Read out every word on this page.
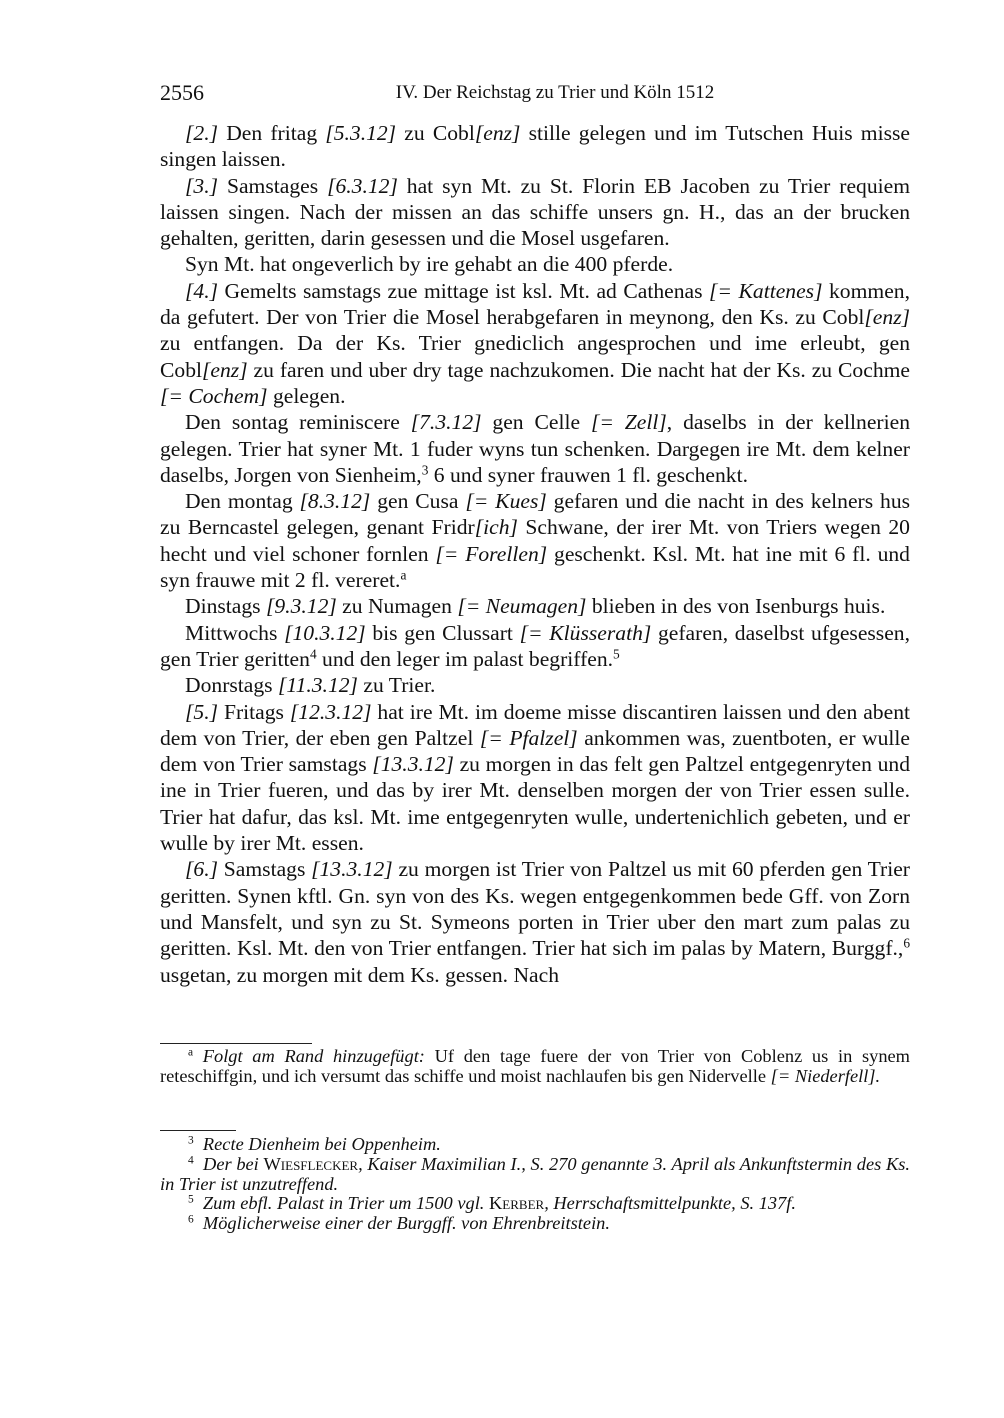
2556	IV. Der Reichstag zu Trier und Köln 1512

[2.] Den fritag [5.3.12] zu Cobl[enz] stille gelegen und im Tutschen Huis misse singen laissen.

[3.] Samstages [6.3.12] hat syn Mt. zu St. Florin EB Jacoben zu Trier requiem laissen singen. Nach der missen an das schiffe unsers gn. H., das an der brucken gehalten, geritten, darin gesessen und die Mosel usgefaren.

Syn Mt. hat ongeverlich by ire gehabt an die 400 pferde.

[4.] Gemelts samstags zue mittage ist ksl. Mt. ad Cathenas [= Kattenes] kommen, da gefutert. Der von Trier die Mosel herabgefaren in meynong, den Ks. zu Cobl[enz] zu entfangen. Da der Ks. Trier gnediclich angesprochen und ime erleubt, gen Cobl[enz] zu faren und uber dry tage nachzukomen. Die nacht hat der Ks. zu Cochme [= Cochem] gelegen.

Den sontag reminiscere [7.3.12] gen Celle [= Zell], daselbs in der kellnerien gelegen. Trier hat syner Mt. 1 fuder wyns tun schenken. Dargegen ire Mt. dem kelner daselbs, Jorgen von Sienheim,$^3$ 6 und syner frauwen 1 fl. geschenkt.

Den montag [8.3.12] gen Cusa [= Kues] gefaren und die nacht in des kelners hus zu Berncastel gelegen, genant Fridr[ich] Schwane, der irer Mt. von Triers wegen 20 hecht und viel schoner fornlen [= Forellen] geschenkt. Ksl. Mt. hat ine mit 6 fl. und syn frauwe mit 2 fl. vereret.$^a$

Dinstags [9.3.12] zu Numagen [= Neumagen] blieben in des von Isenburgs huis.

Mittwochs [10.3.12] bis gen Clussart [= Klüsserath] gefaren, daselbst ufgesessen, gen Trier geritten$^4$ und den leger im palast begriffen.$^5$

Donrstags [11.3.12] zu Trier.

[5.] Fritags [12.3.12] hat ire Mt. im doeme misse discantiren laissen und den abent dem von Trier, der eben gen Paltzel [= Pfalzel] ankommen was, zuentboten, er wulle dem von Trier samstags [13.3.12] zu morgen in das felt gen Paltzel entgegenryten und ine in Trier fueren, und das by irer Mt. denselben morgen der von Trier essen sulle. Trier hat dafur, das ksl. Mt. ime entgegenryten wulle, undertenichlich gebeten, und er wulle by irer Mt. essen.

[6.] Samstags [13.3.12] zu morgen ist Trier von Paltzel us mit 60 pferden gen Trier geritten. Synen kftl. Gn. syn von des Ks. wegen entgegenkommen bede Gff. von Zorn und Mansfelt, und syn zu St. Symeons porten in Trier uber den mart zum palas zu geritten. Ksl. Mt. den von Trier entfangen. Trier hat sich im palas by Matern, Burggf.,$^6$ usgetan, zu morgen mit dem Ks. gessen. Nach

$^a$ Folgt am Rand hinzugefügt: Uf den tage fuere der von Trier von Coblenz us in synem reteschiffgin, und ich versumt das schiffe und moist nachlaufen bis gen Nidervelle [= Niederfell].

$^3$ Recte Dienheim bei Oppenheim.

$^4$ Der bei Wiesflecker, Kaiser Maximilian I., S. 270 genannte 3. April als Ankunftstermin des Ks. in Trier ist unzutreffend.

$^5$ Zum ebfl. Palast in Trier um 1500 vgl. Kerber, Herrschaftsmittelpunkte, S. 137f.

$^6$ Möglicherweise einer der Burggff. von Ehrenbreitstein.
